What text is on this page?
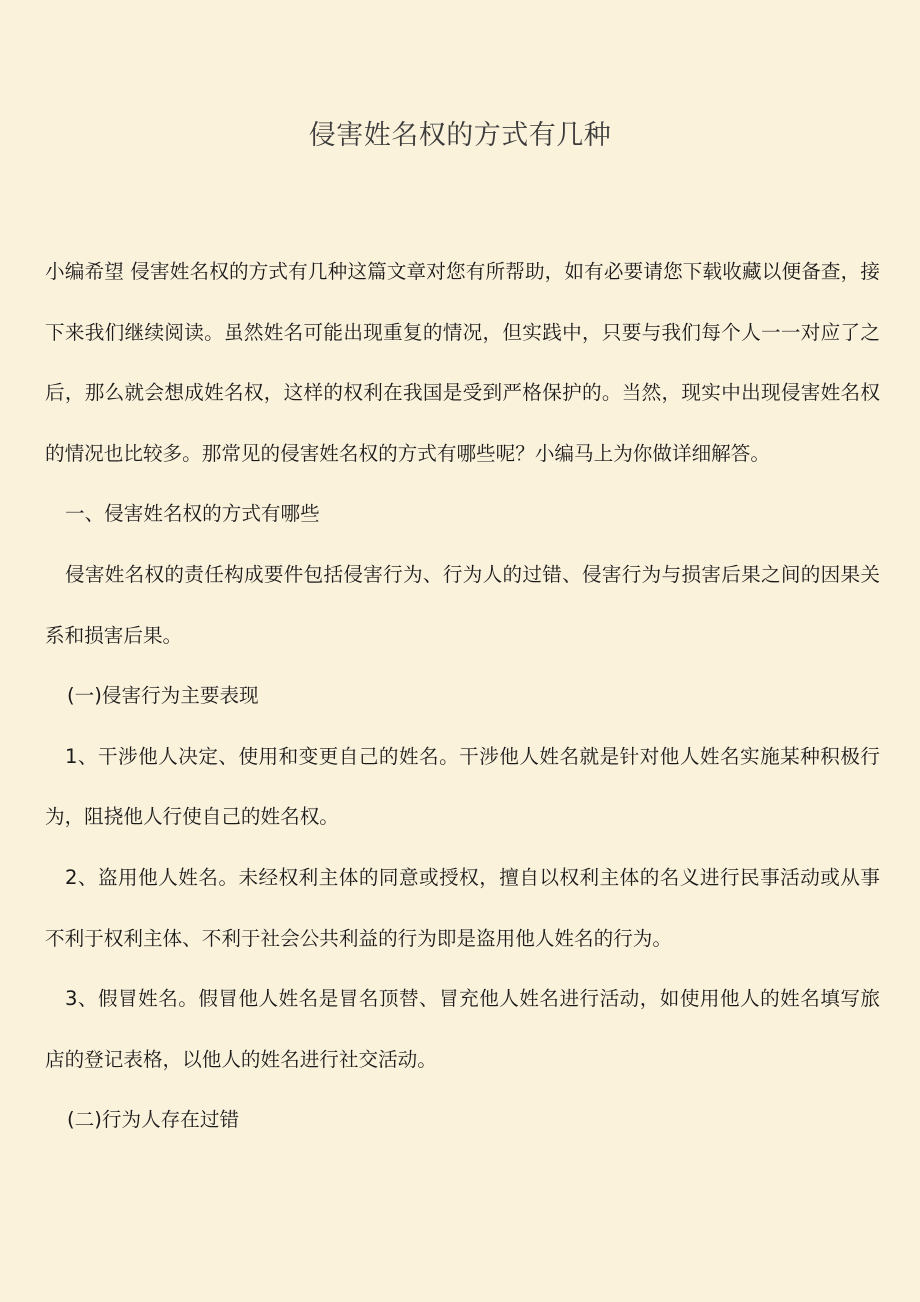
侵害姓名权的方式有几种

小编希望 侵害姓名权的方式有几种这篇文章对您有所帮助，如有必要请您下载收藏以便备查，接下来我们继续阅读。虽然姓名可能出现重复的情况，但实践中，只要与我们每个人一一对应了之后，那么就会想成姓名权，这样的权利在我国是受到严格保护的。当然，现实中出现侵害姓名权的情况也比较多。那常见的侵害姓名权的方式有哪些呢？小编马上为你做详细解答。

一、侵害姓名权的方式有哪些

侵害姓名权的责任构成要件包括侵害行为、行为人的过错、侵害行为与损害后果之间的因果关系和损害后果。

(一)侵害行为主要表现

1、干涉他人决定、使用和变更自己的姓名。干涉他人姓名就是针对他人姓名实施某种积极行为，阻挠他人行使自己的姓名权。

2、盗用他人姓名。未经权利主体的同意或授权，擅自以权利主体的名义进行民事活动或从事不利于权利主体、不利于社会公共利益的行为即是盗用他人姓名的行为。

3、假冒姓名。假冒他人姓名是冒名顶替、冒充他人姓名进行活动，如使用他人的姓名填写旅店的登记表格，以他人的姓名进行社交活动。

(二)行为人存在过错
